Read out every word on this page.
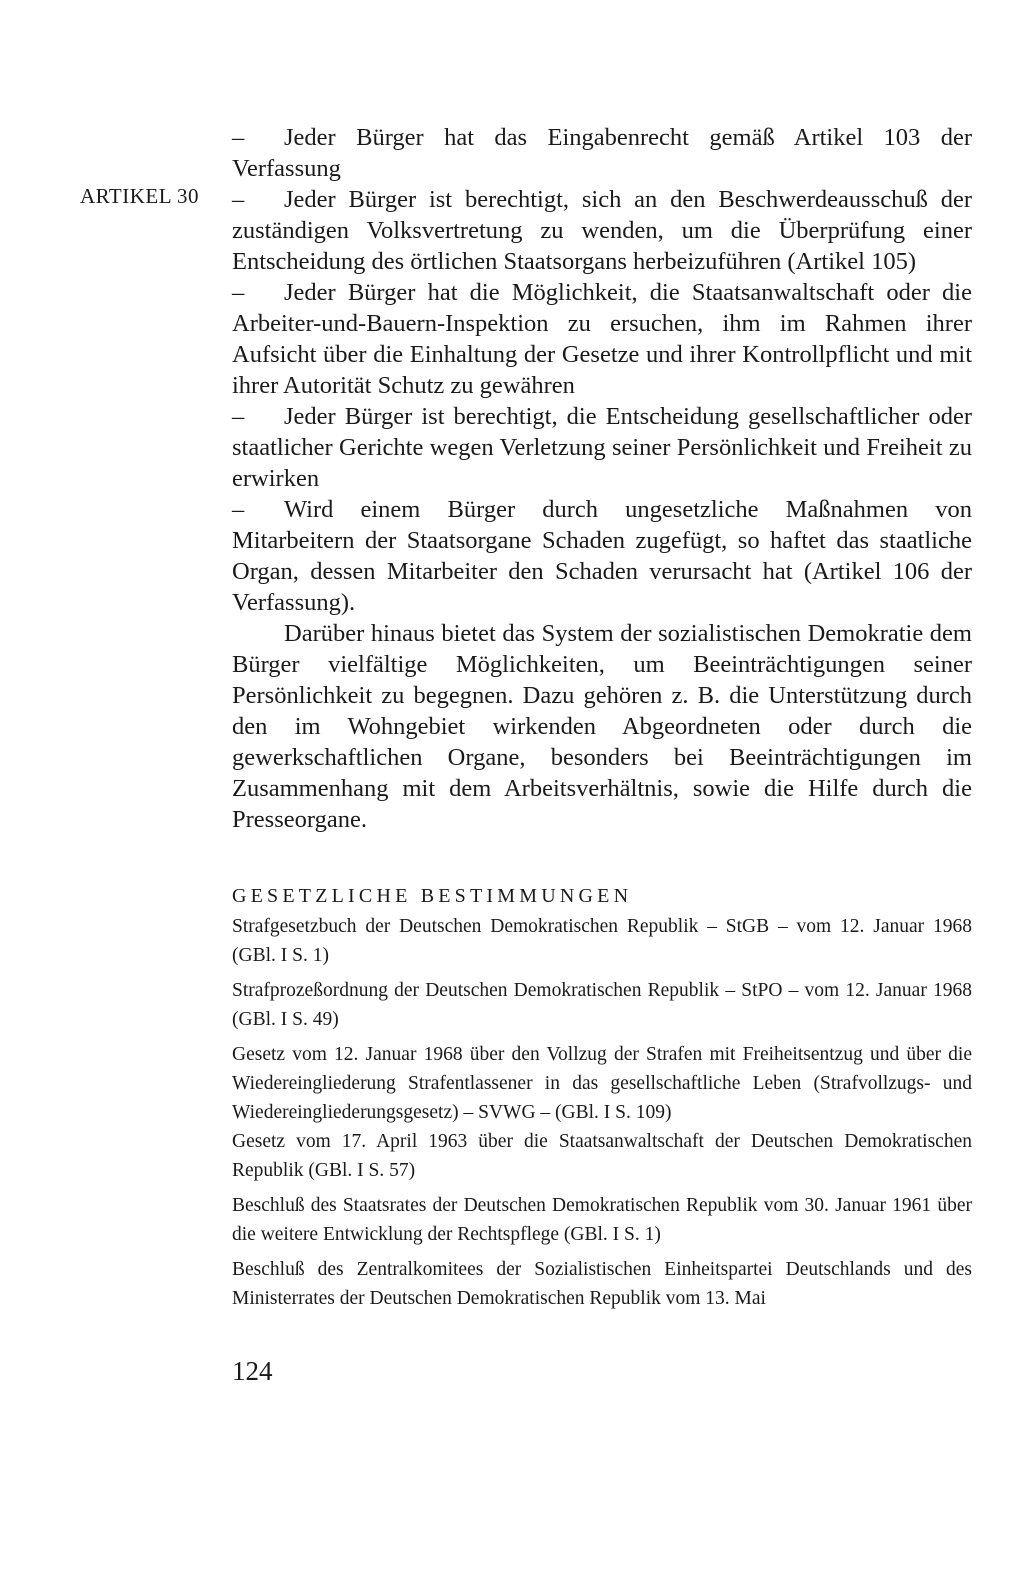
ARTIKEL 30

– Jeder Bürger hat das Eingabenrecht gemäß Artikel 103 der Verfassung

– Jeder Bürger ist berechtigt, sich an den Beschwerdeausschuß der zuständigen Volksvertretung zu wenden, um die Überprüfung einer Entscheidung des örtlichen Staatsorgans herbeizuführen (Artikel 105)

– Jeder Bürger hat die Möglichkeit, die Staatsanwaltschaft oder die Arbeiter-und-Bauern-Inspektion zu ersuchen, ihm im Rahmen ihrer Aufsicht über die Einhaltung der Gesetze und ihrer Kontrollpflicht und mit ihrer Autorität Schutz zu gewähren

– Jeder Bürger ist berechtigt, die Entscheidung gesellschaftlicher oder staatlicher Gerichte wegen Verletzung seiner Persönlichkeit und Freiheit zu erwirken

– Wird einem Bürger durch ungesetzliche Maßnahmen von Mitarbeitern der Staatsorgane Schaden zugefügt, so haftet das staatliche Organ, dessen Mitarbeiter den Schaden verursacht hat (Artikel 106 der Verfassung).

Darüber hinaus bietet das System der sozialistischen Demokratie dem Bürger vielfältige Möglichkeiten, um Beeinträchtigungen seiner Persönlichkeit zu begegnen. Dazu gehören z. B. die Unterstützung durch den im Wohngebiet wirkenden Abgeordneten oder durch die gewerkschaftlichen Organe, besonders bei Beeinträchtigungen im Zusammenhang mit dem Arbeitsverhältnis, sowie die Hilfe durch die Presseorgane.

GESETZLICHE BESTIMMUNGEN

Strafgesetzbuch der Deutschen Demokratischen Republik – StGB – vom 12. Januar 1968 (GBl. I S. 1)

Strafprozeßordnung der Deutschen Demokratischen Republik – StPO – vom 12. Januar 1968 (GBl. I S. 49)

Gesetz vom 12. Januar 1968 über den Vollzug der Strafen mit Freiheitsentzug und über die Wiedereingliederung Strafentlassener in das gesellschaftliche Leben (Strafvollzugs- und Wiedereingliederungsgesetz) – SVWG – (GBl. I S. 109)

Gesetz vom 17. April 1963 über die Staatsanwaltschaft der Deutschen Demokratischen Republik (GBl. I S. 57)

Beschluß des Staatsrates der Deutschen Demokratischen Republik vom 30. Januar 1961 über die weitere Entwicklung der Rechtspflege (GBl. I S. 1)

Beschluß des Zentralkomitees der Sozialistischen Einheitspartei Deutschlands und des Ministerrates der Deutschen Demokratischen Republik vom 13. Mai

124
